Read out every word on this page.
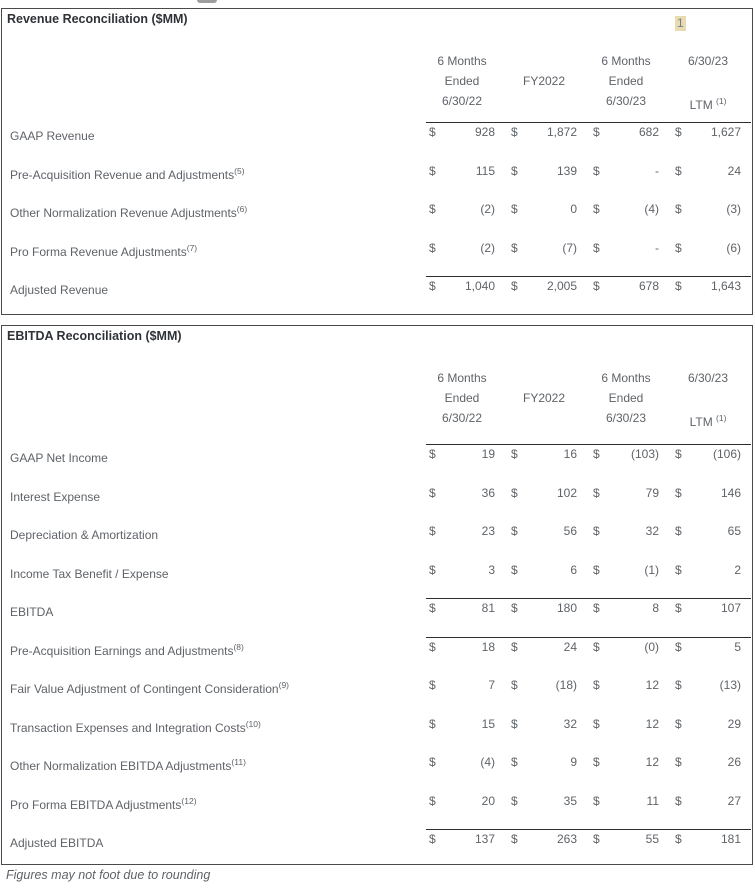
Revenue Reconciliation ($MM)	1
6 Months
Ended
6/30/22
FY2022
6 Months
Ended
6/30/23
6/30/23
LTM $^{(1)}$
GAAP Revenue	$	928 $ 1,872 $	682 $ 1,627
Pre-Acquisition Revenue and Adjustments$^{(5)}$	$	115 $	139 $	- $	24
Other Normalization Revenue Adjustments$^{(6)}$	$	(2) $	0 $	(4) $	(3)
Pro Forma Revenue Adjustments$^{(7)}$	$	(2) $	(7) $	- $	(6)
Adjusted Revenue	$ 1,040 $ 2,005 $	678 $ 1,643
EBITDA Reconciliation ($MM)
6 Months
Ended
6/30/22
FY2022
6 Months
Ended
6/30/23
6/30/23
LTM $^{(1)}$
GAAP Net Income	$	19 $	16 $	(103) $	(106)
Interest Expense	$	36 $	102 $	79 $	146
Depreciation & Amortization	$	23 $	56 $	32 $	65
Income Tax Benefit / Expense	$	3 $	6 $	(1) $	2
EBITDA	$	81 $	180 $	8 $	107
Pre-Acquisition Earnings and Adjustments$^{(8)}$	$	18 $	24 $	(0) $	5
Fair Value Adjustment of Contingent Consideration$^{(9)}$	$	7 $	(18) $	12 $	(13)
Transaction Expenses and Integration Costs$^{(10)}$	$	15 $	32 $	12 $	29
Other Normalization EBITDA Adjustments$^{(11)}$	$	(4) $	9 $	12 $	26
Pro Forma EBITDA Adjustments$^{(12)}$	$	20 $	35 $	11 $	27
Adjusted EBITDA	$	137 $	263 $	55 $	181
Figures may not foot due to rounding
